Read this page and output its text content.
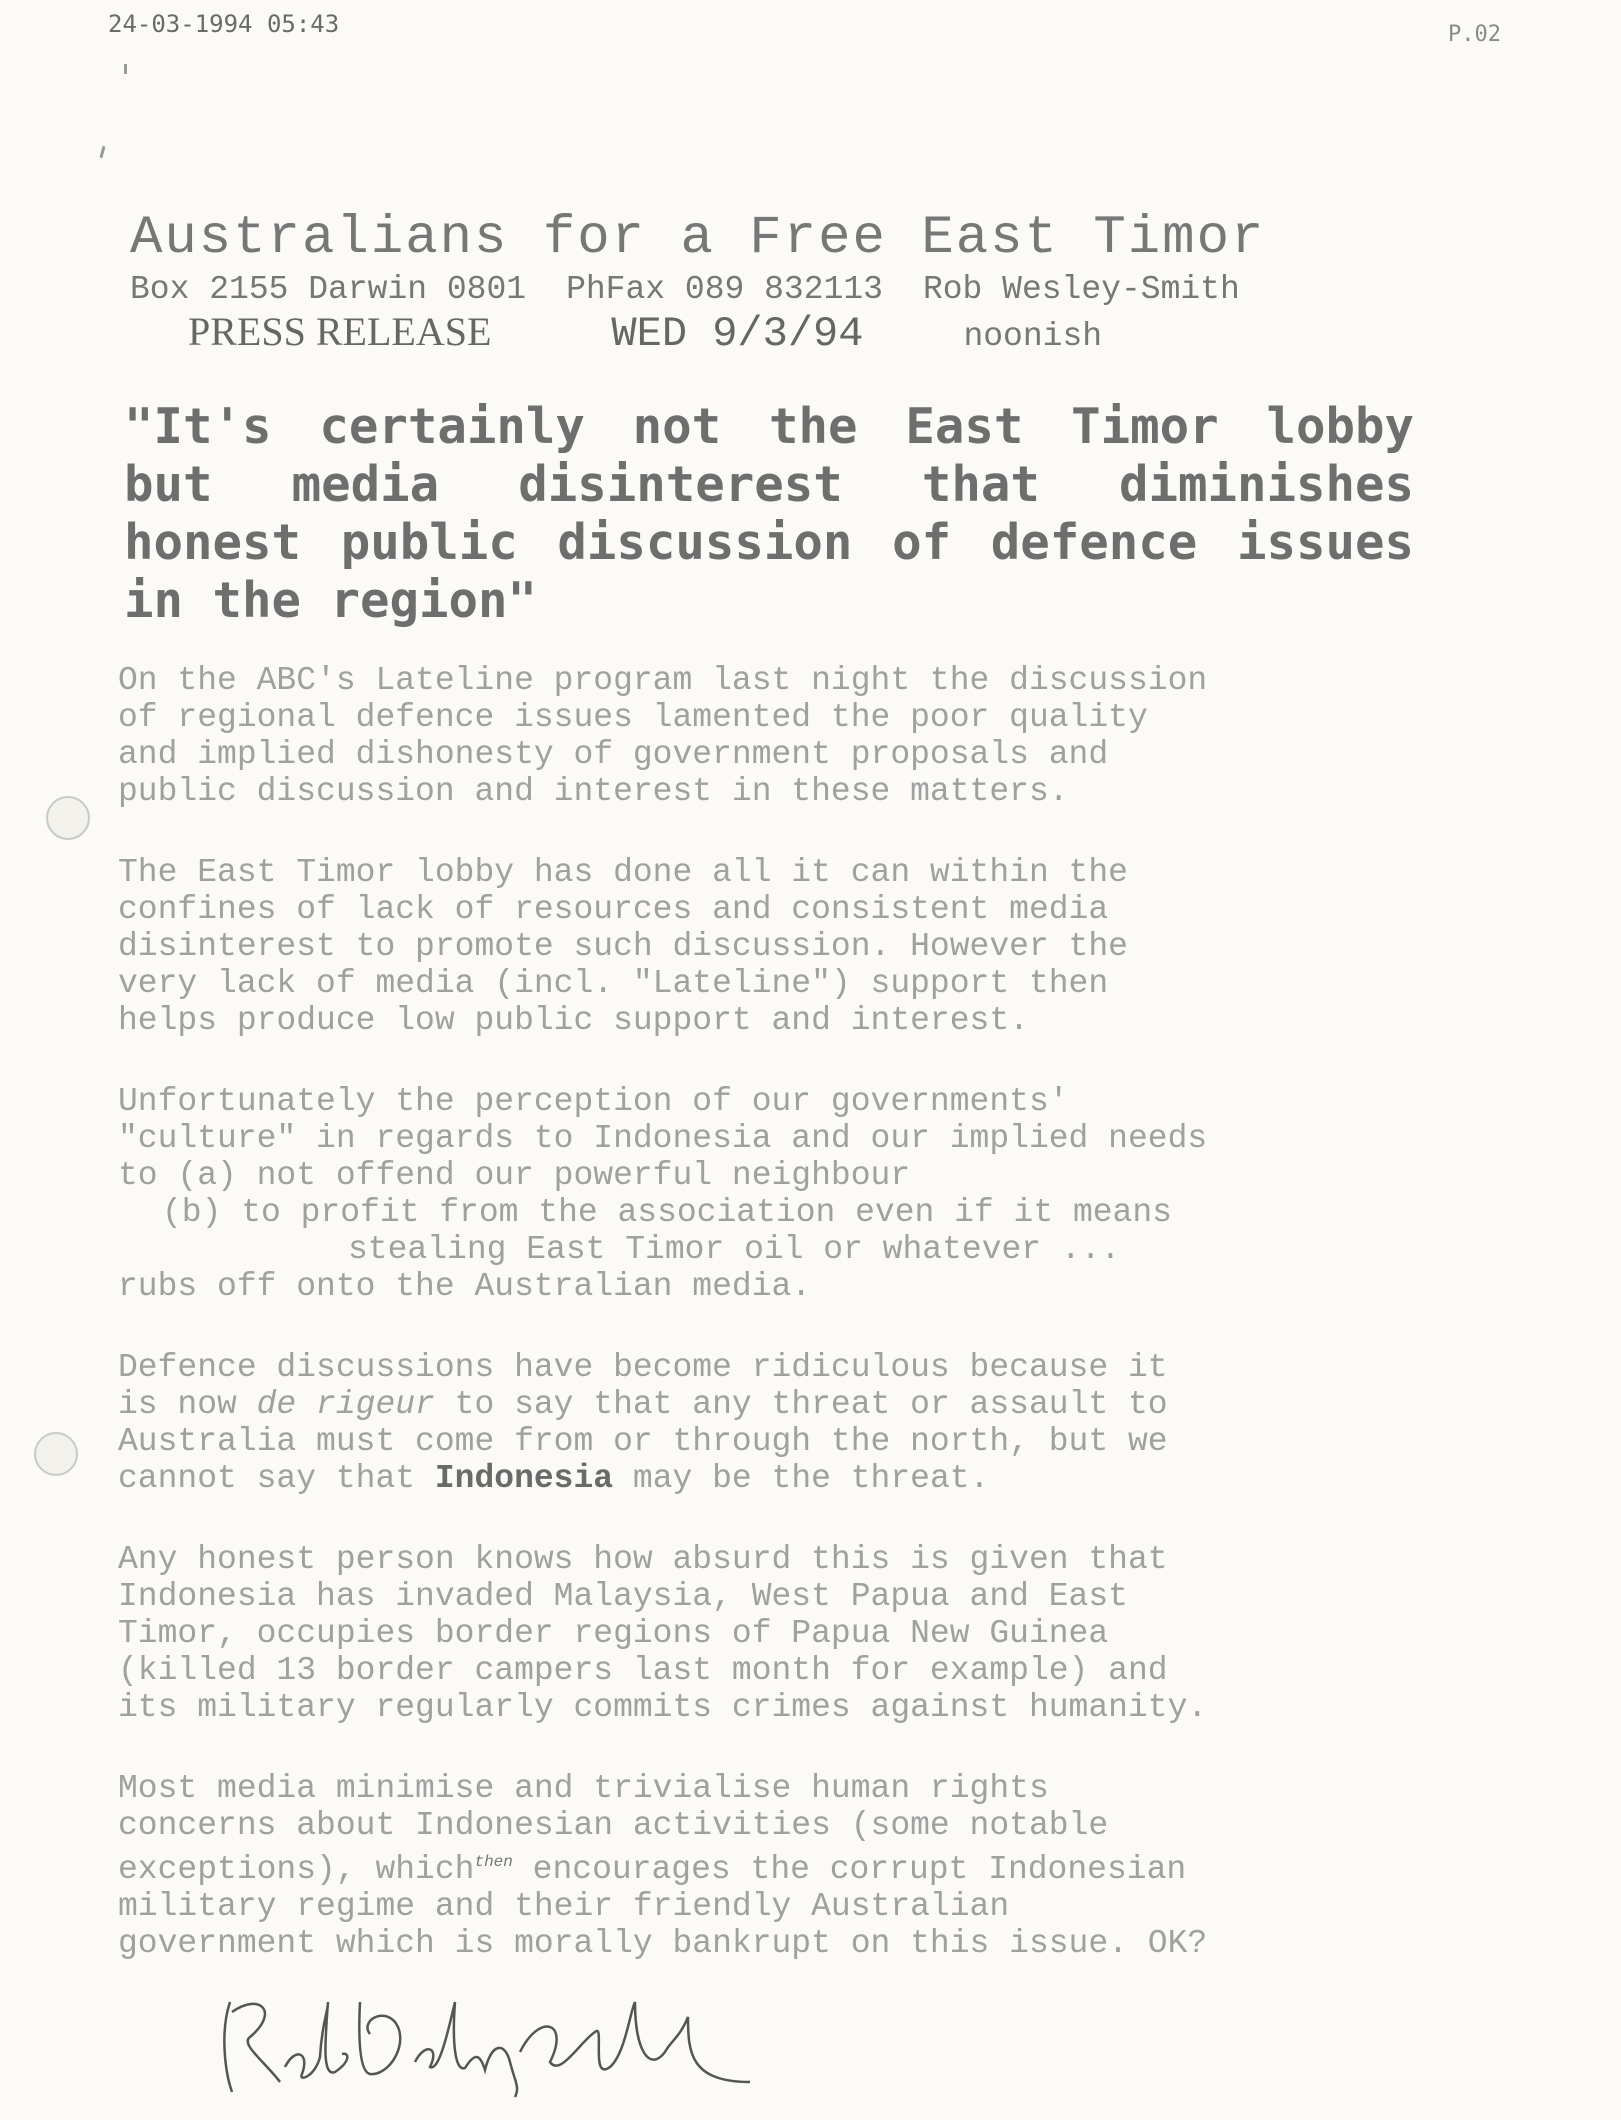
24-03-1994 05:43	P.02
Australians for a Free East Timor
Box 2155 Darwin 0801 PhFax 089 832113 Rob Wesley-Smith
PRESS RELEASE	WED 9/3/94	noonish
"It's certainly not the East Timor lobby but media disinterest that diminishes honest public discussion of defence issues in the region"

On the ABC's Lateline program last night the discussion
of regional defence issues lamented the poor quality
and implied dishonesty of government proposals and
public discussion and interest in these matters.

The East Timor lobby has done all it can within the
confines of lack of resources and consistent media
disinterest to promote such discussion. However the
very lack of media (incl. "Lateline") support then
helps produce low public support and interest.

Unfortunately the perception of our governments'
"culture" in regards to Indonesia and our implied needs
to (a) not offend our powerful neighbour
(b) to profit from the association even if it means
stealing East Timor oil or whatever ...
rubs off onto the Australian media.

Defence discussions have become ridiculous because it
is now de rigeur to say that any threat or assault to
Australia must come from or through the north, but we
cannot say that Indonesia may be the threat.

Any honest person knows how absurd this is given that
Indonesia has invaded Malaysia, West Papua and East
Timor, occupies border regions of Papua New Guinea
(killed 13 border campers last month for example) and
its military regularly commits crimes against humanity.

Most media minimise and trivialise human rights
concerns about Indonesian activities (some notable
exceptions), which$^{then}$ encourages the corrupt Indonesian
military regime and their friendly Australian
government which is morally bankrupt on this issue. OK?
